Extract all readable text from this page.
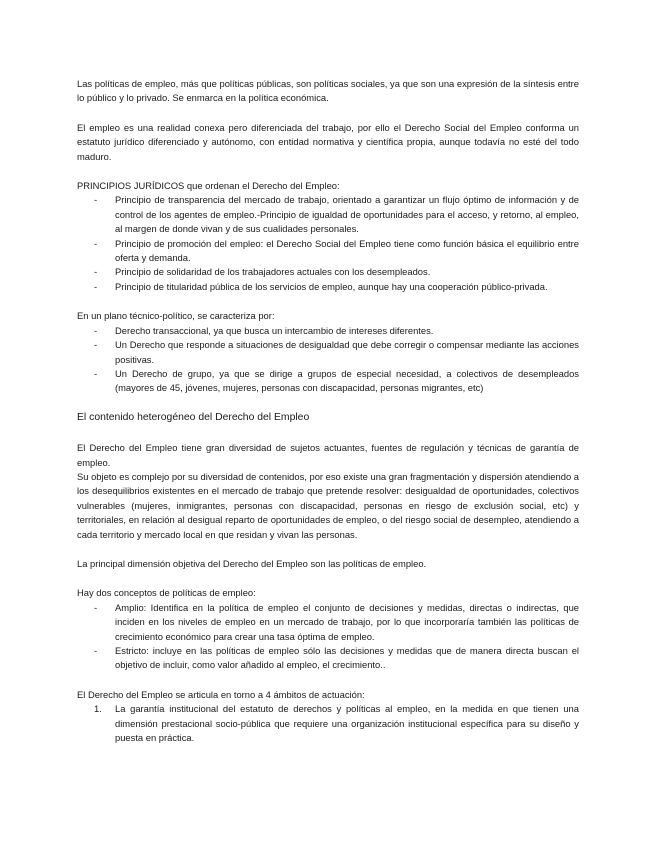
Las políticas de empleo, más que políticas públicas, son políticas sociales, ya que son una expresión de la síntesis entre lo público y lo privado. Se enmarca en la política económica.

El empleo es una realidad conexa pero diferenciada del trabajo, por ello el Derecho Social del Empleo conforma un estatuto jurídico diferenciado y autónomo, con entidad normativa y científica propia, aunque todavía no esté del todo maduro.

PRINCIPIOS JURÍDICOS que ordenan el Derecho del Empleo:

- Principio de transparencia del mercado de trabajo, orientado a garantizar un flujo óptimo de información y de control de los agentes de empleo.-Principio de igualdad de oportunidades para el acceso, y retorno, al empleo, al margen de donde vivan y de sus cualidades personales.
- Principio de promoción del empleo: el Derecho Social del Empleo tiene como función básica el equilibrio entre oferta y demanda.
- Principio de solidaridad de los trabajadores actuales con los desempleados.
- Principio de titularidad pública de los servicios de empleo, aunque hay una cooperación público-privada.

En un plano técnico-político, se caracteriza por:

- Derecho transaccional, ya que busca un intercambio de intereses diferentes.
- Un Derecho que responde a situaciones de desigualdad que debe corregir o compensar mediante las acciones positivas.
- Un Derecho de grupo, ya que se dirige a grupos de especial necesidad, a colectivos de desempleados (mayores de 45, jóvenes, mujeres, personas con discapacidad, personas migrantes, etc)
El contenido heterogéneo del Derecho del Empleo

El Derecho del Empleo tiene gran diversidad de sujetos actuantes, fuentes de regulación y técnicas de garantía de empleo.

Su objeto es complejo por su diversidad de contenidos, por eso existe una gran fragmentación y dispersión atendiendo a los desequilibrios existentes en el mercado de trabajo que pretende resolver: desigualdad de oportunidades, colectivos vulnerables (mujeres, inmigrantes, personas con discapacidad, personas en riesgo de exclusión social, etc) y territoriales, en relación al desigual reparto de oportunidades de empleo, o del riesgo social de desempleo, atendiendo a cada territorio y mercado local en que residan y vivan las personas.

La principal dimensión objetiva del Derecho del Empleo son las políticas de empleo.

Hay dos conceptos de políticas de empleo:

- Amplio: Identifica en la política de empleo el conjunto de decisiones y medidas, directas o indirectas, que inciden en los niveles de empleo en un mercado de trabajo, por lo que incorporaría también las políticas de crecimiento económico para crear una tasa óptima de empleo.
- Estricto: incluye en las políticas de empleo sólo las decisiones y medidas que de manera directa buscan el objetivo de incluir, como valor añadido al empleo, el crecimiento..

El Derecho del Empleo se articula en torno a 4 ámbitos de actuación:

1. La garantía institucional del estatuto de derechos y políticas al empleo, en la medida en que tienen una dimensión prestacional socio-pública que requiere una organización institucional específica para su diseño y puesta en práctica.
